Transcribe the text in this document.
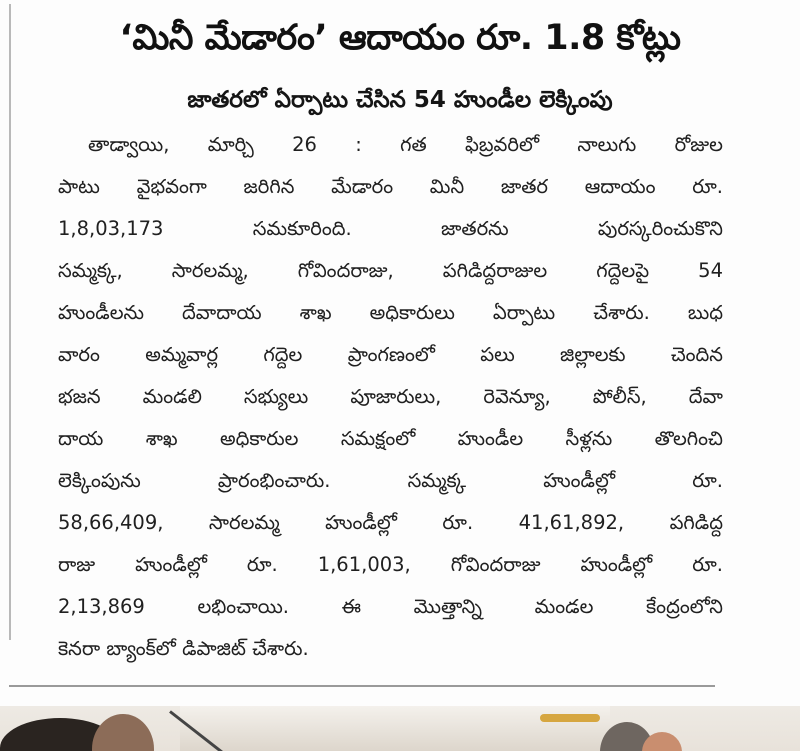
‘మినీ మేడారం’ ఆదాయం రూ. 1.8 కోట్లు
జాతరలో ఏర్పాటు చేసిన 54 హుండీల లెక్కింపు
తాడ్వాయి, మార్చి 26 : గత ఫిబ్రవరిలో నాలుగు రోజుల
పాటు వైభవంగా జరిగిన మేడారం మినీ జాతర ఆదాయం రూ.
1,8,03,173 సమకూరింది. జాతరను పురస్కరించుకొని
సమ్మక్క, సారలమ్మ, గోవిందరాజు, పగిడిద్దరాజుల గద్దెలపై 54
హుండీలను దేవాదాయ శాఖ అధికారులు ఏర్పాటు చేశారు. బుధ
వారం అమ్మవార్ల గద్దెల ప్రాంగణంలో పలు జిల్లాలకు చెందిన
భజన మండలి సభ్యులు పూజారులు, రెవెన్యూ, పోలీస్, దేవా
దాయ శాఖ అధికారుల సమక్షంలో హుండీల సీళ్లను తొలగించి
లెక్కింపును ప్రారంభించారు. సమ్మక్క హుండీల్లో రూ.
58,66,409, సారలమ్మ హుండీల్లో రూ. 41,61,892, పగిడిద్ద
రాజు హుండీల్లో రూ. 1,61,003, గోవిందరాజు హుండీల్లో రూ.
2,13,869 లభించాయి. ఈ మొత్తాన్ని మండల కేంద్రంలోని
కెనరా బ్యాంక్‌లో డిపాజిట్ చేశారు.
